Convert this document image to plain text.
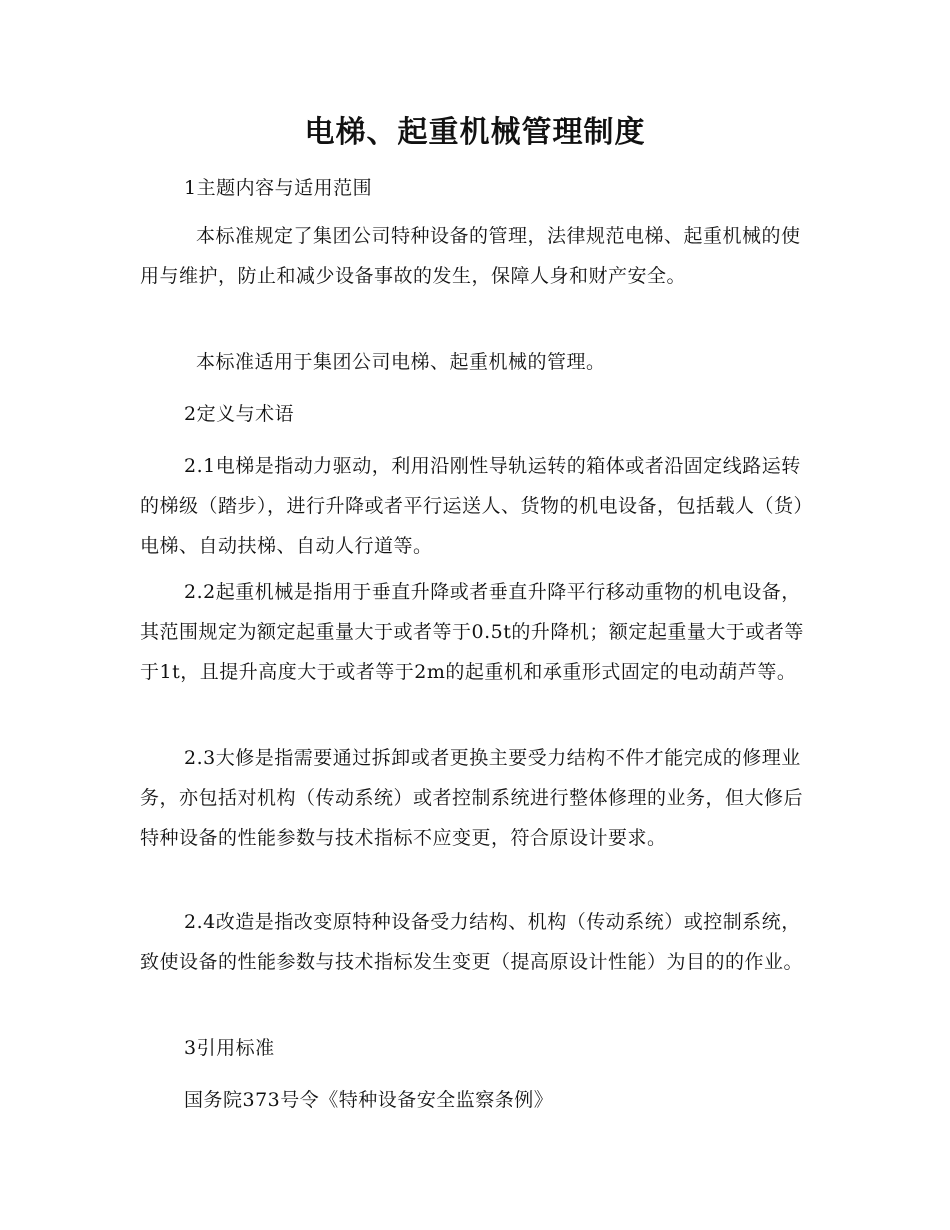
电梯、起重机械管理制度

1主题内容与适用范围

本标准规定了集团公司特种设备的管理，法律规范电梯、起重机械的使用与维护，防止和减少设备事故的发生，保障人身和财产安全。

本标准适用于集团公司电梯、起重机械的管理。

2定义与术语

2.1电梯是指动力驱动，利用沿刚性导轨运转的箱体或者沿固定线路运转的梯级（踏步），进行升降或者平行运送人、货物的机电设备，包括载人（货）电梯、自动扶梯、自动人行道等。

2.2起重机械是指用于垂直升降或者垂直升降平行移动重物的机电设备，其范围规定为额定起重量大于或者等于0.5t的升降机；额定起重量大于或者等于1t，且提升高度大于或者等于2m的起重机和承重形式固定的电动葫芦等。

2.3大修是指需要通过拆卸或者更换主要受力结构不件才能完成的修理业务，亦包括对机构（传动系统）或者控制系统进行整体修理的业务，但大修后特种设备的性能参数与技术指标不应变更，符合原设计要求。

2.4改造是指改变原特种设备受力结构、机构（传动系统）或控制系统，致使设备的性能参数与技术指标发生变更（提高原设计性能）为目的的作业。

3引用标准

国务院373号令《特种设备安全监察条例》
